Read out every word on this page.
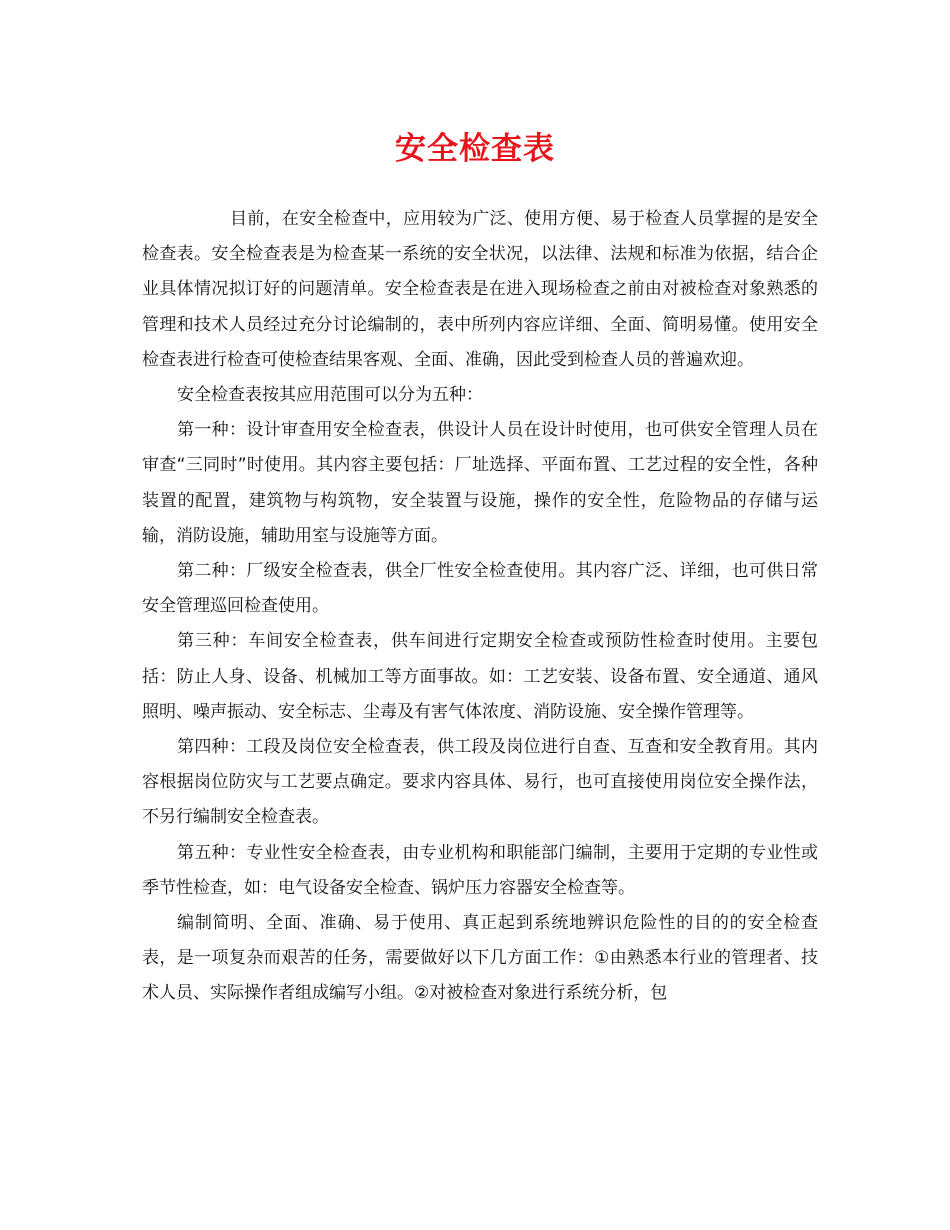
安全检查表

目前，在安全检查中，应用较为广泛、使用方便、易于检查人员掌握的是安全检查表。安全检查表是为检查某一系统的安全状况，以法律、法规和标准为依据，结合企业具体情况拟订好的问题清单。安全检查表是在进入现场检查之前由对被检查对象熟悉的管理和技术人员经过充分讨论编制的，表中所列内容应详细、全面、简明易懂。使用安全检查表进行检查可使检查结果客观、全面、准确，因此受到检查人员的普遍欢迎。

安全检查表按其应用范围可以分为五种：

第一种：设计审查用安全检查表，供设计人员在设计时使用，也可供安全管理人员在审查“三同时”时使用。其内容主要包括：厂址选择、平面布置、工艺过程的安全性，各种装置的配置，建筑物与构筑物，安全装置与设施，操作的安全性，危险物品的存储与运输，消防设施，辅助用室与设施等方面。

第二种：厂级安全检查表，供全厂性安全检查使用。其内容广泛、详细，也可供日常安全管理巡回检查使用。

第三种：车间安全检查表，供车间进行定期安全检查或预防性检查时使用。主要包括：防止人身、设备、机械加工等方面事故。如：工艺安装、设备布置、安全通道、通风照明、噪声振动、安全标志、尘毒及有害气体浓度、消防设施、安全操作管理等。

第四种：工段及岗位安全检查表，供工段及岗位进行自查、互查和安全教育用。其内容根据岗位防灾与工艺要点确定。要求内容具体、易行，也可直接使用岗位安全操作法，不另行编制安全检查表。

第五种：专业性安全检查表，由专业机构和职能部门编制，主要用于定期的专业性或季节性检查，如：电气设备安全检查、锅炉压力容器安全检查等。

编制简明、全面、准确、易于使用、真正起到系统地辨识危险性的目的的安全检查表，是一项复杂而艰苦的任务，需要做好以下几方面工作：①由熟悉本行业的管理者、技术人员、实际操作者组成编写小组。②对被检查对象进行系统分析，包
